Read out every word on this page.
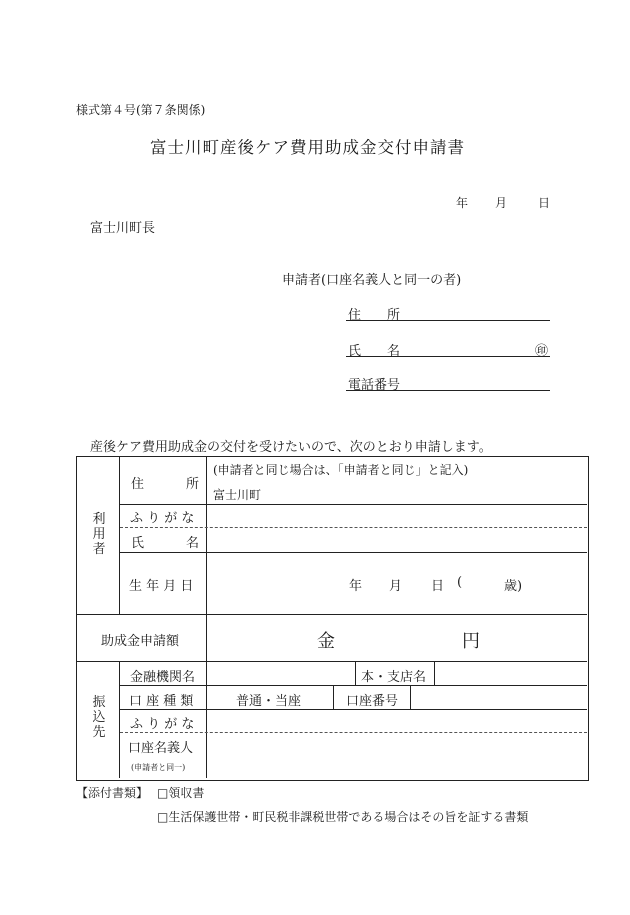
様式第４号(第７条関係)
富士川町産後ケア費用助成金交付申請書
年 月	日
富士川町長
申請者(口座名義人と同一の者)
住　　所
氏　　名	㊞
電話番号
産後ケア費用助成金の交付を受けたいので、次のとおり申請します。
利用者
住	所
(申請者と同じ場合は、「申請者と同じ」と記入)
富士川町
ふ り が な
氏	名
生 年 月 日	年 月 日 (	歳)
助成金申請額	金	円
振込先
金融機関名	本・支店名
口 座 種 類	普通・当座	口座番号
ふ り が な
口座名義人
(申請者と同一)
【添付書類】 □領収書
□生活保護世帯・町民税非課税世帯である場合はその旨を証する書類
